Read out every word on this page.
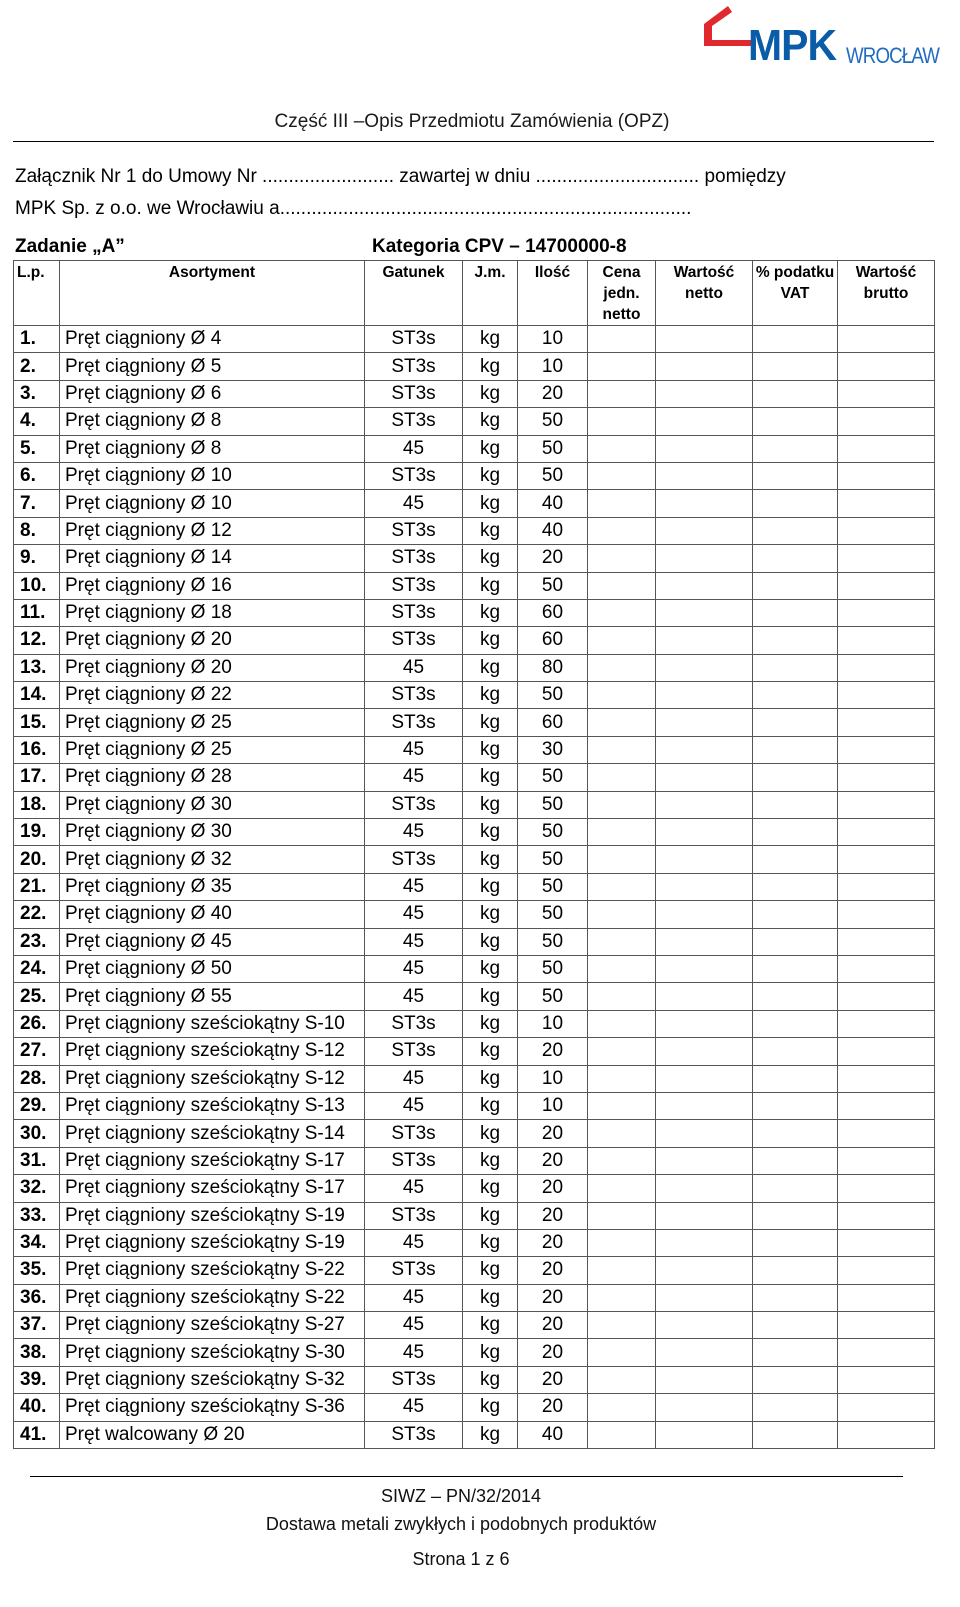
MPK WROCŁAW
Część III –Opis Przedmiotu Zamówienia (OPZ)
Załącznik Nr 1 do Umowy Nr ......................... zawartej w dniu ............................... pomiędzy
MPK Sp. z o.o. we Wrocławiu a..............................................................................
Zadanie „A”	Kategoria CPV – 14700000-8
L.p.	Asortyment	Gatunek	J.m.	Ilość	Cena jedn. netto	Wartość netto	% podatku VAT	Wartość brutto
1.	Pręt ciągniony Ø 4	ST3s	kg	10				
2.	Pręt ciągniony Ø 5	ST3s	kg	10				
3.	Pręt ciągniony Ø 6	ST3s	kg	20				
4.	Pręt ciągniony Ø 8	ST3s	kg	50				
5.	Pręt ciągniony Ø 8	45	kg	50				
6.	Pręt ciągniony Ø 10	ST3s	kg	50				
7.	Pręt ciągniony Ø 10	45	kg	40				
8.	Pręt ciągniony Ø 12	ST3s	kg	40				
9.	Pręt ciągniony Ø 14	ST3s	kg	20				
10.	Pręt ciągniony Ø 16	ST3s	kg	50				
11.	Pręt ciągniony Ø 18	ST3s	kg	60				
12.	Pręt ciągniony Ø 20	ST3s	kg	60				
13.	Pręt ciągniony Ø 20	45	kg	80				
14.	Pręt ciągniony Ø 22	ST3s	kg	50				
15.	Pręt ciągniony Ø 25	ST3s	kg	60				
16.	Pręt ciągniony Ø 25	45	kg	30				
17.	Pręt ciągniony Ø 28	45	kg	50				
18.	Pręt ciągniony Ø 30	ST3s	kg	50				
19.	Pręt ciągniony Ø 30	45	kg	50				
20.	Pręt ciągniony Ø 32	ST3s	kg	50				
21.	Pręt ciągniony Ø 35	45	kg	50				
22.	Pręt ciągniony Ø 40	45	kg	50				
23.	Pręt ciągniony Ø 45	45	kg	50				
24.	Pręt ciągniony Ø 50	45	kg	50				
25.	Pręt ciągniony Ø 55	45	kg	50				
26.	Pręt ciągniony sześciokątny S-10	ST3s	kg	10				
27.	Pręt ciągniony sześciokątny S-12	ST3s	kg	20				
28.	Pręt ciągniony sześciokątny S-12	45	kg	10				
29.	Pręt ciągniony sześciokątny S-13	45	kg	10				
30.	Pręt ciągniony sześciokątny S-14	ST3s	kg	20				
31.	Pręt ciągniony sześciokątny S-17	ST3s	kg	20				
32.	Pręt ciągniony sześciokątny S-17	45	kg	20				
33.	Pręt ciągniony sześciokątny S-19	ST3s	kg	20				
34.	Pręt ciągniony sześciokątny S-19	45	kg	20				
35.	Pręt ciągniony sześciokątny S-22	ST3s	kg	20				
36.	Pręt ciągniony sześciokątny S-22	45	kg	20				
37.	Pręt ciągniony sześciokątny S-27	45	kg	20				
38.	Pręt ciągniony sześciokątny S-30	45	kg	20				
39.	Pręt ciągniony sześciokątny S-32	ST3s	kg	20				
40.	Pręt ciągniony sześciokątny S-36	45	kg	20				
41.	Pręt walcowany Ø 20	ST3s	kg	40				
SIWZ – PN/32/2014
Dostawa metali zwykłych i podobnych produktów
Strona 1 z 6
